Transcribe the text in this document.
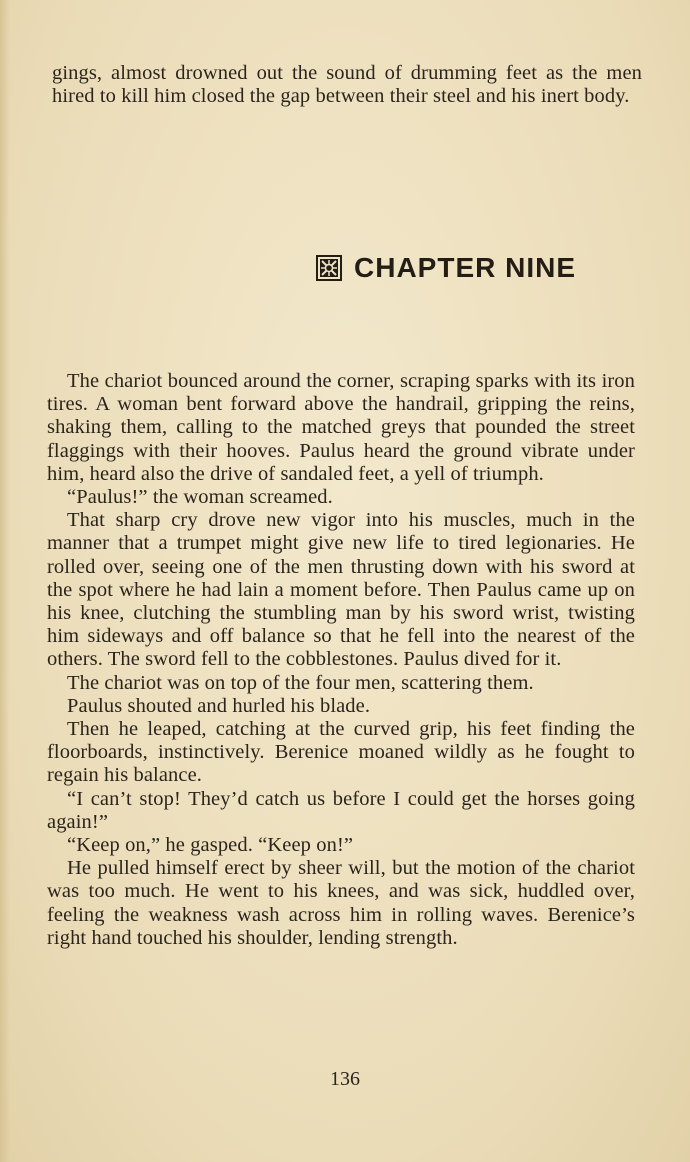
gings, almost drowned out the sound of drumming feet as the men hired to kill him closed the gap between their steel and his inert body.

CHAPTER NINE

The chariot bounced around the corner, scraping sparks with its iron tires. A woman bent forward above the handrail, gripping the reins, shaking them, calling to the matched greys that pounded the street flaggings with their hooves. Paulus heard the ground vibrate under him, heard also the drive of sandaled feet, a yell of triumph.

“Paulus!” the woman screamed.

That sharp cry drove new vigor into his muscles, much in the manner that a trumpet might give new life to tired legionaries. He rolled over, seeing one of the men thrusting down with his sword at the spot where he had lain a moment before. Then Paulus came up on his knee, clutching the stumbling man by his sword wrist, twisting him sideways and off balance so that he fell into the nearest of the others. The sword fell to the cobblestones. Paulus dived for it.

The chariot was on top of the four men, scattering them.

Paulus shouted and hurled his blade.

Then he leaped, catching at the curved grip, his feet finding the floorboards, instinctively. Berenice moaned wildly as he fought to regain his balance.

“I can’t stop! They’d catch us before I could get the horses going again!”

“Keep on,” he gasped. “Keep on!”

He pulled himself erect by sheer will, but the motion of the chariot was too much. He went to his knees, and was sick, huddled over, feeling the weakness wash across him in rolling waves. Berenice’s right hand touched his shoulder, lending strength.

136
